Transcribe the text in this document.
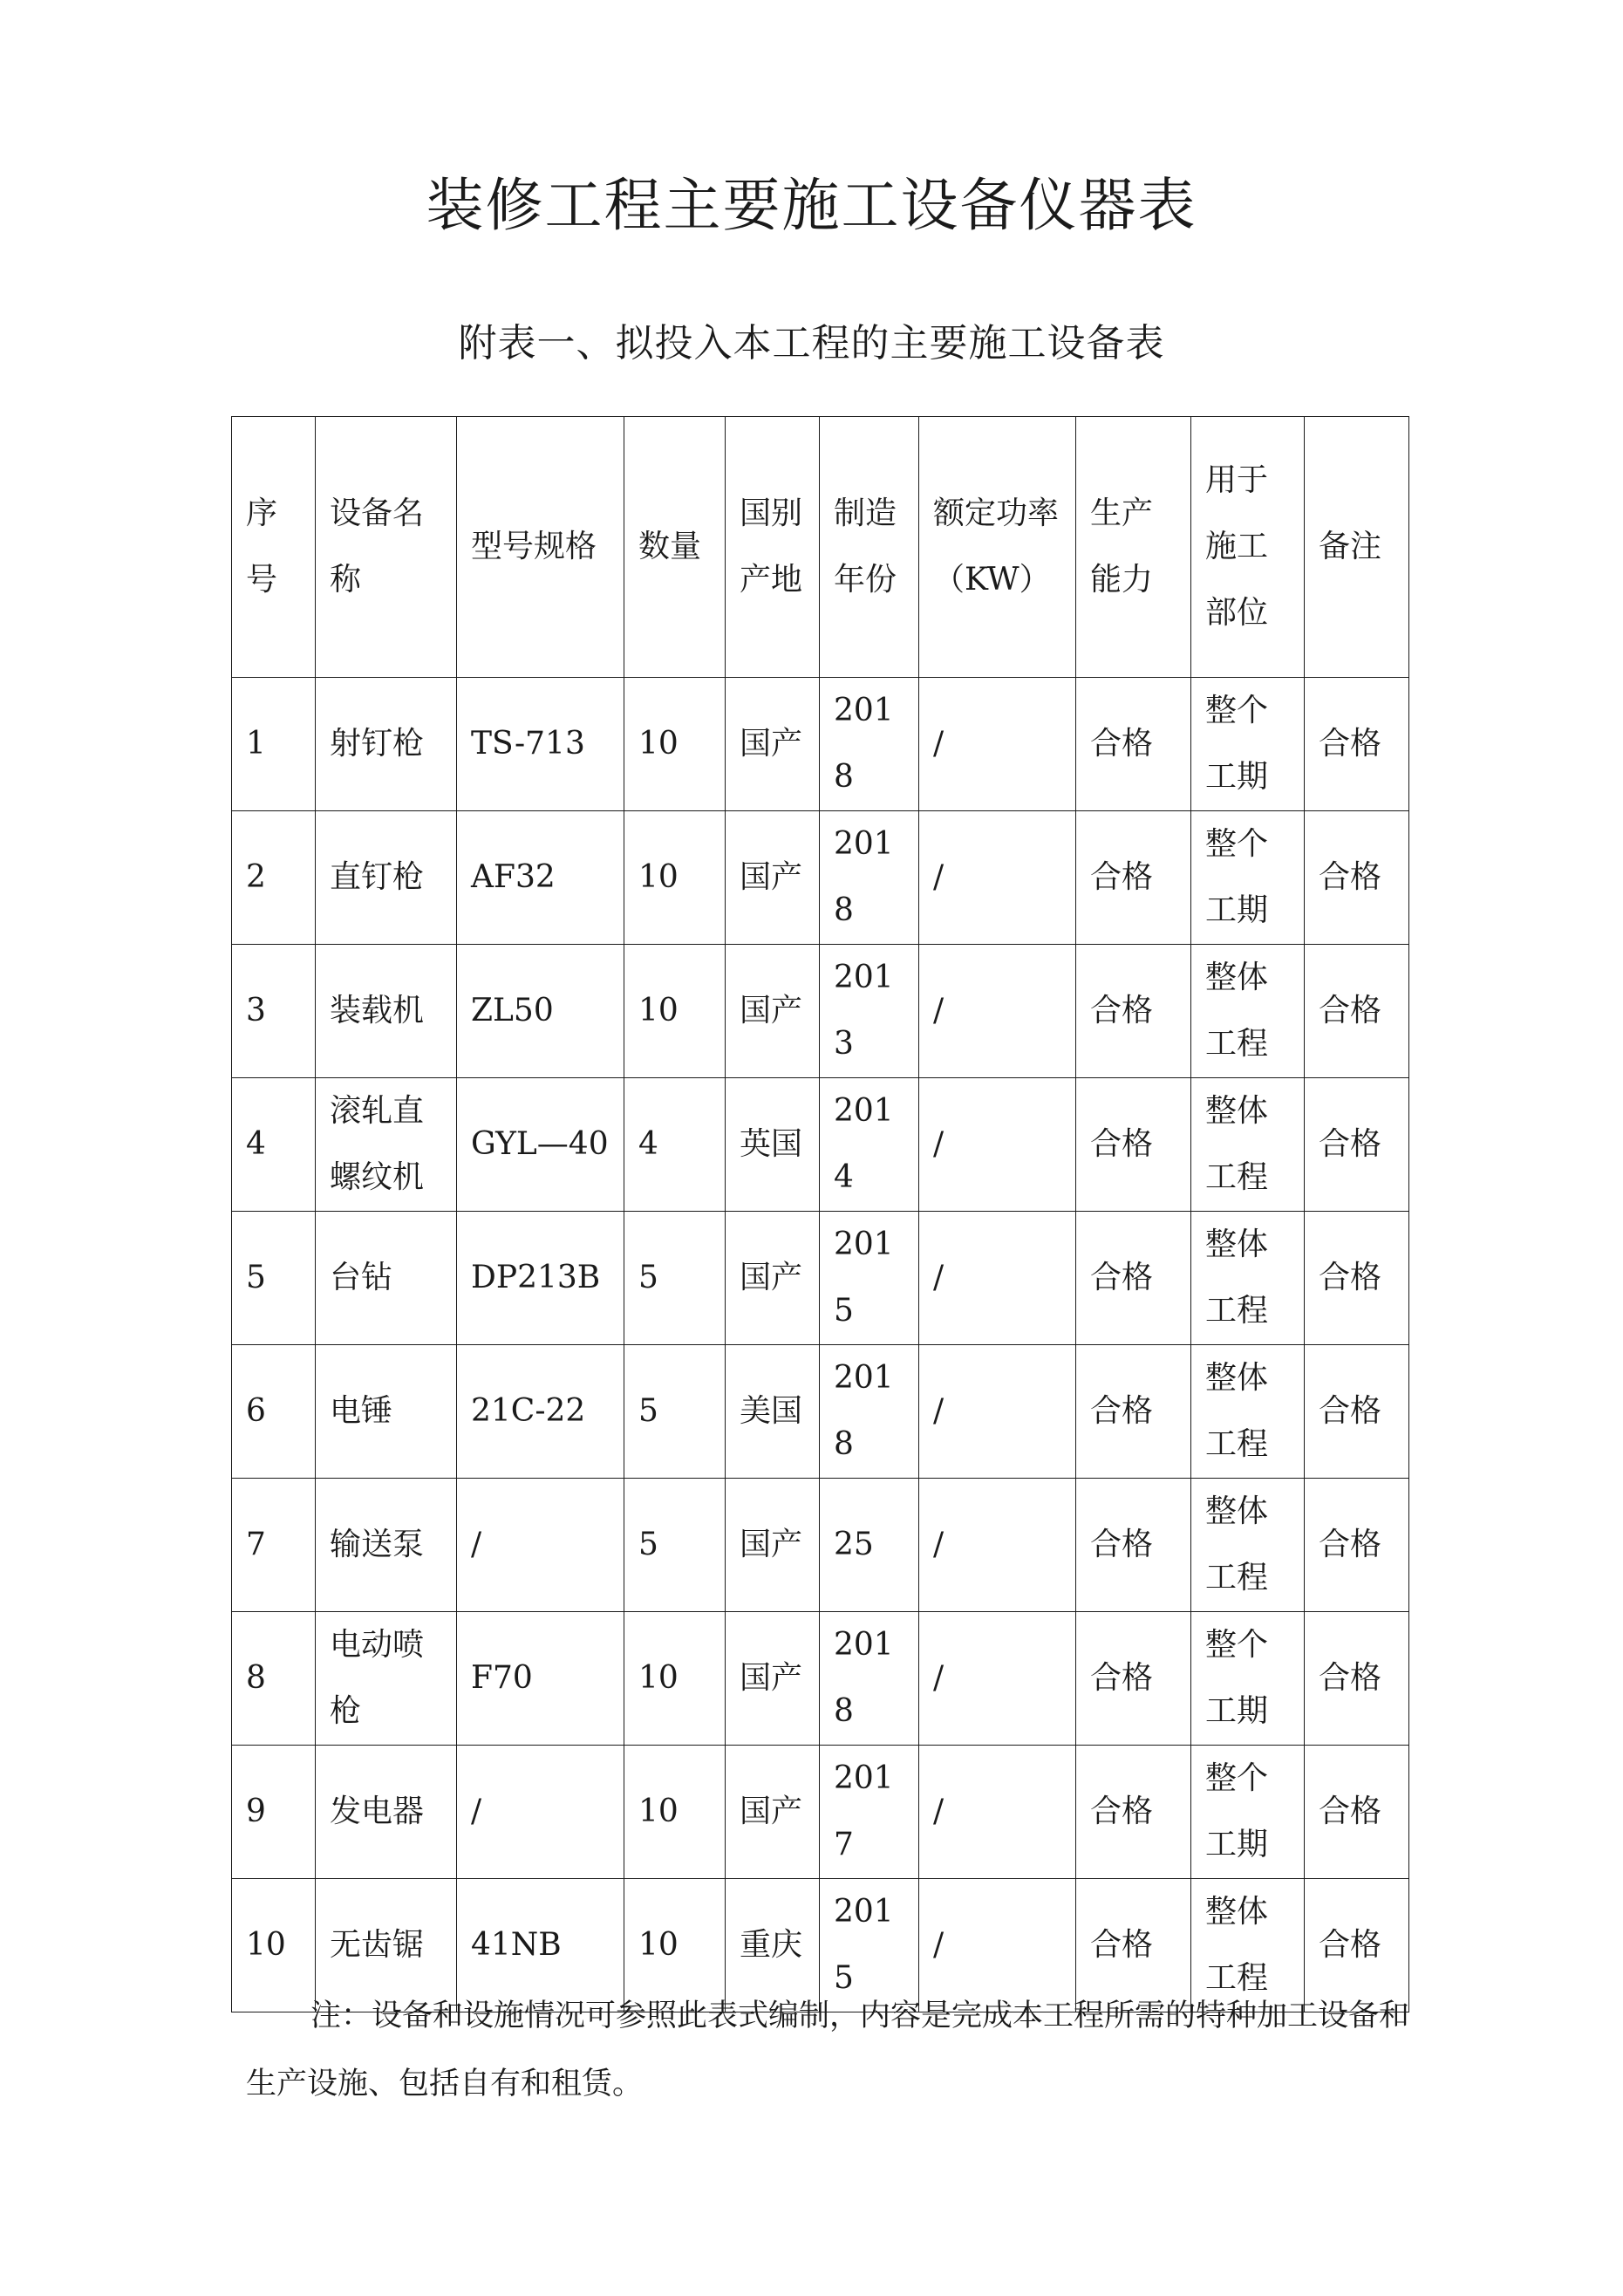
装修工程主要施工设备仪器表
附表一、拟投入本工程的主要施工设备表
序号	设备名称	型号规格	数量	国别产地	制造年份	额定功率（KW）	生产能力	用于施工部位	备注
1	射钉枪	TS-713	10	国产	2018	/	合格	整个工期	合格
2	直钉枪	AF32	10	国产	2018	/	合格	整个工期	合格
3	装载机	ZL50	10	国产	2013	/	合格	整体工程	合格
4	滚轧直螺纹机	GYL—40	4	英国	2014	/	合格	整体工程	合格
5	台钻	DP213B	5	国产	2015	/	合格	整体工程	合格
6	电锤	21C-22	5	美国	2018	/	合格	整体工程	合格
7	输送泵	/	5	国产	25	/	合格	整体工程	合格
8	电动喷枪	F70	10	国产	2018	/	合格	整个工期	合格
9	发电器	/	10	国产	2017	/	合格	整个工期	合格
10	无齿锯	41NB	10	重庆	2015	/	合格	整体工程	合格
注：设备和设施情况可参照此表式编制，内容是完成本工程所需的特种加工设备和生产设施、包括自有和租赁。
